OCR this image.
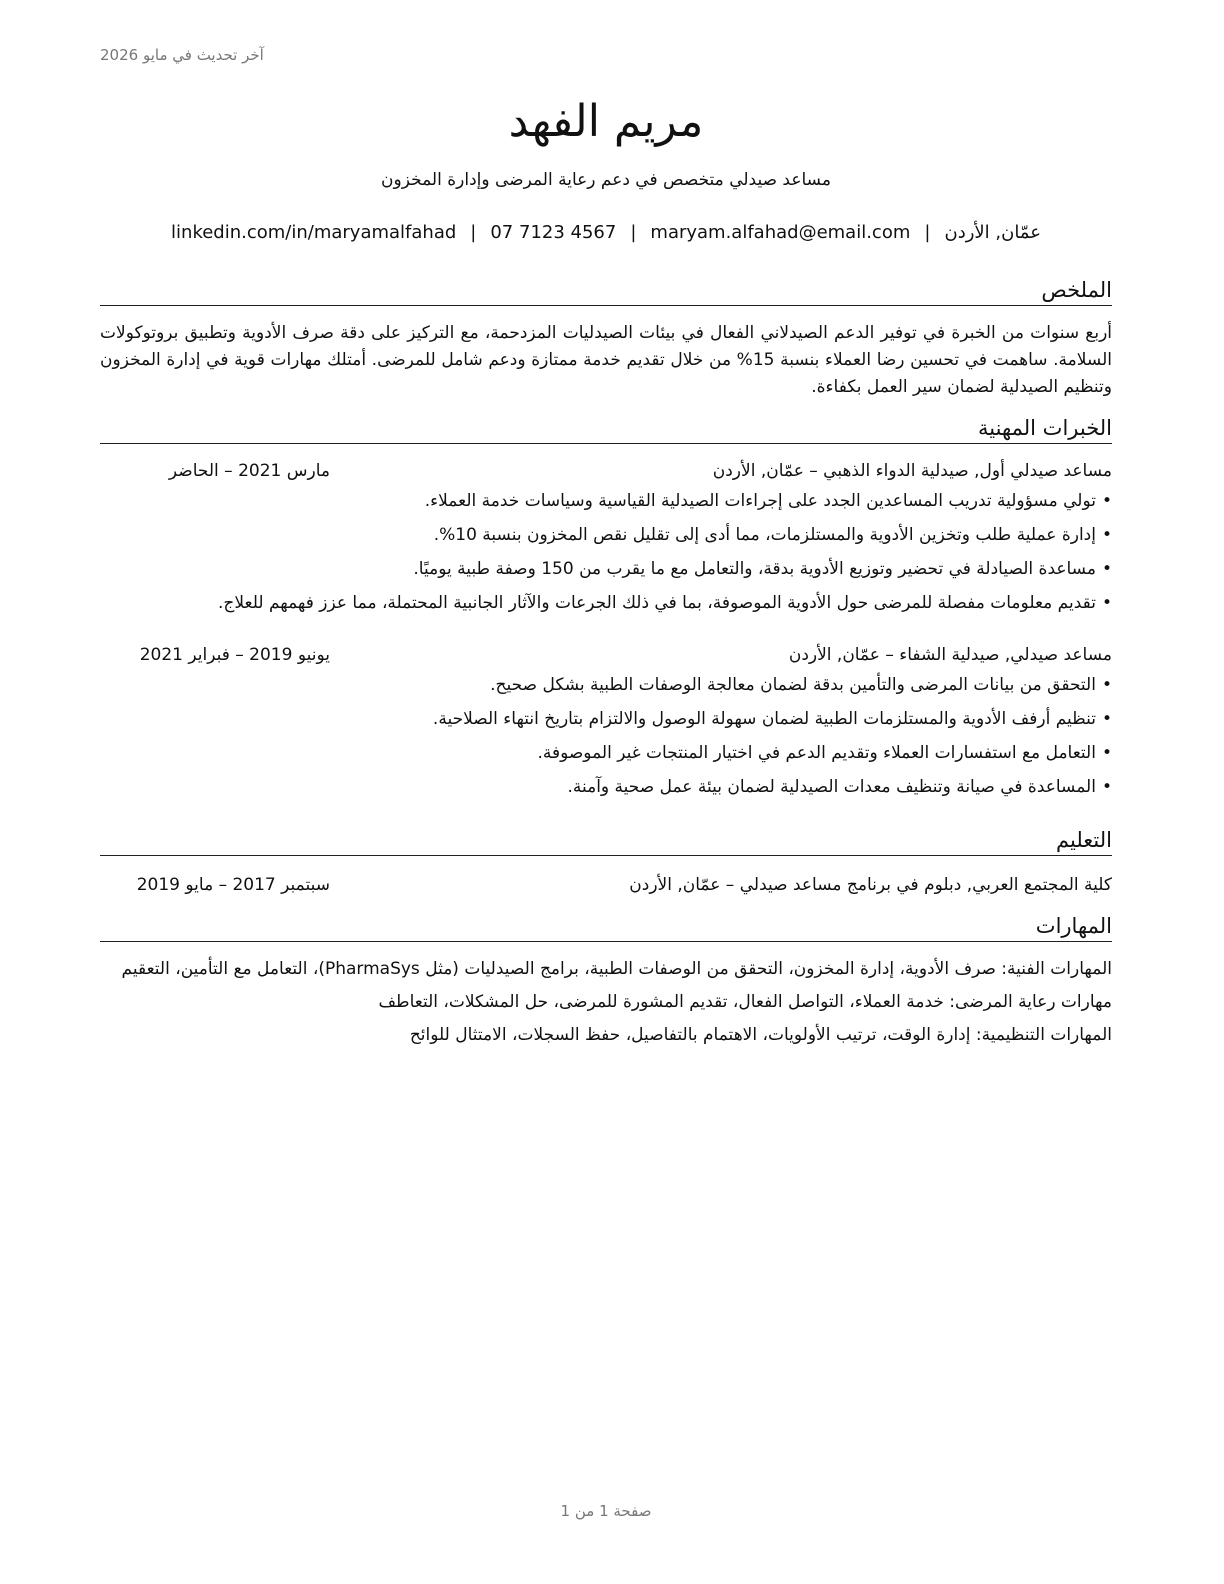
آخر تحديث في مايو 2026
مريم الفهد
مساعد صيدلي متخصص في دعم رعاية المرضى وإدارة المخزون
عمّان, الأردن|maryam.alfahad@email.com|07 7123 4567|linkedin.com/in/maryamalfahad
الملخص
أربع سنوات من الخبرة في توفير الدعم الصيدلاني الفعال في بيئات الصيدليات المزدحمة، مع التركيز على دقة صرف الأدوية وتطبيق بروتوكولات السلامة. ساهمت في تحسين رضا العملاء بنسبة 15% من خلال تقديم خدمة ممتازة ودعم شامل للمرضى. أمتلك مهارات قوية في إدارة المخزون وتنظيم الصيدلية لضمان سير العمل بكفاءة.
الخبرات المهنية
مساعد صيدلي أول, صيدلية الدواء الذهبي – عمّان, الأردن
مارس 2021 – الحاضر
• تولي مسؤولية تدريب المساعدين الجدد على إجراءات الصيدلية القياسية وسياسات خدمة العملاء.
• إدارة عملية طلب وتخزين الأدوية والمستلزمات، مما أدى إلى تقليل نقص المخزون بنسبة 10%.
• مساعدة الصيادلة في تحضير وتوزيع الأدوية بدقة، والتعامل مع ما يقرب من 150 وصفة طبية يوميًا.
• تقديم معلومات مفصلة للمرضى حول الأدوية الموصوفة، بما في ذلك الجرعات والآثار الجانبية المحتملة، مما عزز فهمهم للعلاج.
مساعد صيدلي, صيدلية الشفاء – عمّان, الأردن
يونيو 2019 – فبراير 2021
• التحقق من بيانات المرضى والتأمين بدقة لضمان معالجة الوصفات الطبية بشكل صحيح.
• تنظيم أرفف الأدوية والمستلزمات الطبية لضمان سهولة الوصول والالتزام بتاريخ انتهاء الصلاحية.
• التعامل مع استفسارات العملاء وتقديم الدعم في اختيار المنتجات غير الموصوفة.
• المساعدة في صيانة وتنظيف معدات الصيدلية لضمان بيئة عمل صحية وآمنة.
التعليم
كلية المجتمع العربي, دبلوم في برنامج مساعد صيدلي – عمّان, الأردن
سبتمبر 2017 – مايو 2019
المهارات
المهارات الفنية: صرف الأدوية، إدارة المخزون، التحقق من الوصفات الطبية، برامج الصيدليات (مثل PharmaSys)، التعامل مع التأمين، التعقيم
مهارات رعاية المرضى: خدمة العملاء، التواصل الفعال، تقديم المشورة للمرضى، حل المشكلات، التعاطف
المهارات التنظيمية: إدارة الوقت، ترتيب الأولويات، الاهتمام بالتفاصيل، حفظ السجلات، الامتثال للوائح
صفحة 1 من 1
